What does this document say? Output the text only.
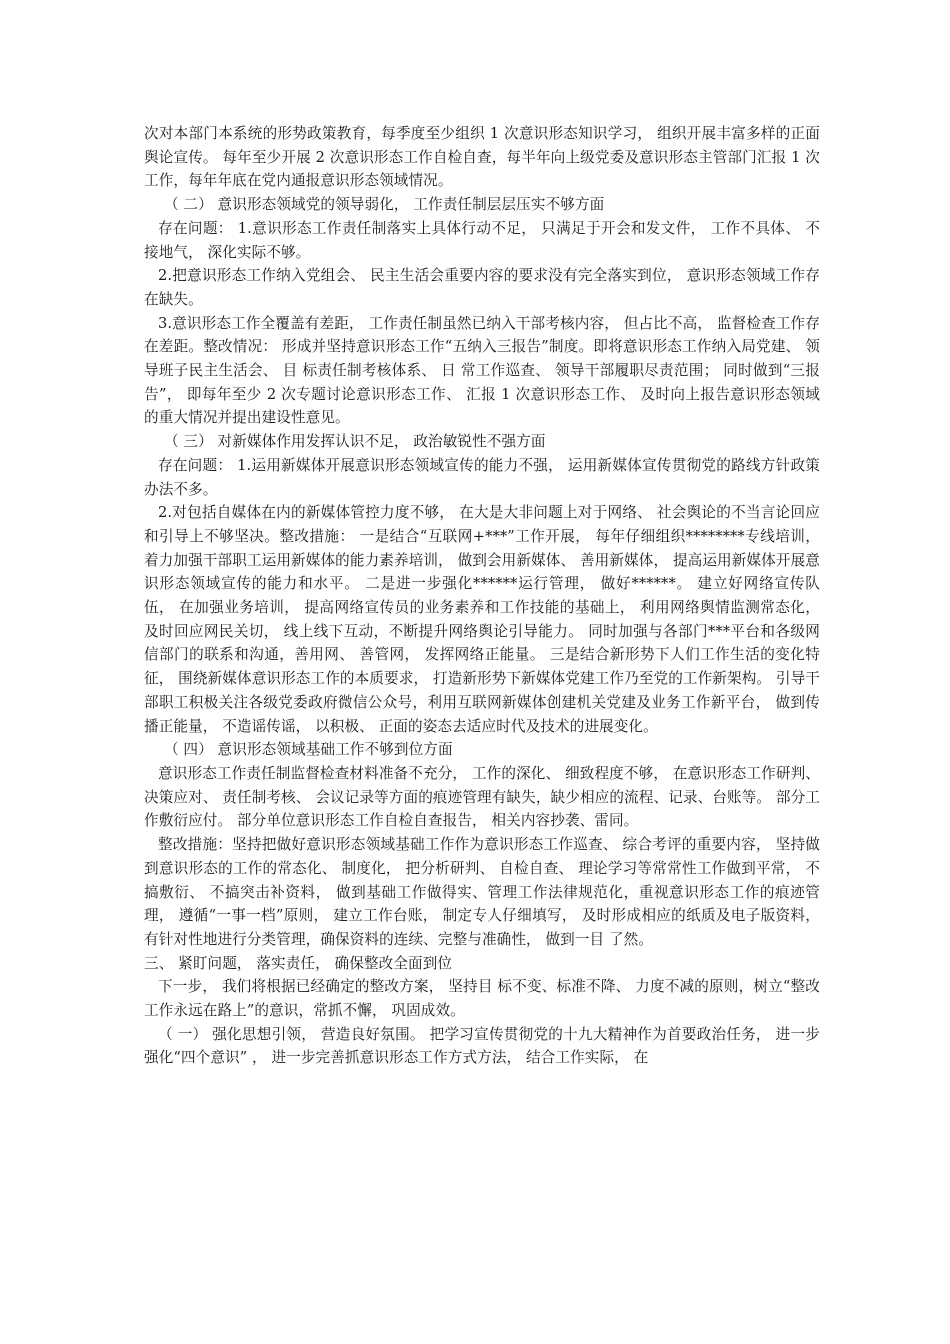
次对本部门本系统的形势政策教育，每季度至少组织 1 次意识形态知识学习， 组织开展丰富多样的正面舆论宣传。 每年至少开展 2 次意识形态工作自检自查，每半年向上级党委及意识形态主管部门汇报 1 次工作，每年年底在党内通报意识形态领域情况。

（ 二） 意识形态领域党的领导弱化， 工作责任制层层压实不够方面

存在问题： 1.意识形态工作责任制落实上具体行动不足， 只满足于开会和发文件， 工作不具体、 不接地气， 深化实际不够。

2.把意识形态工作纳入党组会、 民主生活会重要内容的要求没有完全落实到位， 意识形态领域工作存在缺失。

3.意识形态工作全覆盖有差距， 工作责任制虽然已纳入干部考核内容， 但占比不高， 监督检查工作存在差距。整改情况： 形成并坚持意识形态工作“五纳入三报告”制度。即将意识形态工作纳入局党建、 领导班子民主生活会、 目 标责任制考核体系、 日 常工作巡查、 领导干部履职尽责范围； 同时做到“三报告”， 即每年至少 2 次专题讨论意识形态工作、 汇报 1 次意识形态工作、 及时向上报告意识形态领域的重大情况并提出建设性意见。

（ 三） 对新媒体作用发挥认识不足， 政治敏锐性不强方面

存在问题： 1.运用新媒体开展意识形态领域宣传的能力不强， 运用新媒体宣传贯彻党的路线方针政策办法不多。

2.对包括自媒体在内的新媒体管控力度不够， 在大是大非问题上对于网络、 社会舆论的不当言论回应和引导上不够坚决。整改措施： 一是结合“互联网+***”工作开展， 每年仔细组织********专线培训，着力加强干部职工运用新媒体的能力素养培训， 做到会用新媒体、 善用新媒体， 提高运用新媒体开展意识形态领域宣传的能力和水平。 二是进一步强化******运行管理， 做好******。 建立好网络宣传队伍， 在加强业务培训， 提高网络宣传员的业务素养和工作技能的基础上， 利用网络舆情监测常态化， 及时回应网民关切， 线上线下互动，不断提升网络舆论引导能力。 同时加强与各部门***平台和各级网信部门的联系和沟通，善用网、 善管网， 发挥网络正能量。 三是结合新形势下人们工作生活的变化特征， 围绕新媒体意识形态工作的本质要求， 打造新形势下新媒体党建工作乃至党的工作新架构。 引导干部职工积极关注各级党委政府微信公众号，利用互联网新媒体创建机关党建及业务工作新平台， 做到传播正能量， 不造谣传谣， 以积极、 正面的姿态去适应时代及技术的进展变化。

（ 四） 意识形态领域基础工作不够到位方面

意识形态工作责任制监督检查材料准备不充分， 工作的深化、 细致程度不够， 在意识形态工作研判、 决策应对、 责任制考核、 会议记录等方面的痕迹管理有缺失，缺少相应的流程、记录、台账等。 部分工作敷衍应付。 部分单位意识形态工作自检自查报告， 相关内容抄袭、雷同。

整改措施：坚持把做好意识形态领域基础工作作为意识形态工作巡查、 综合考评的重要内容， 坚持做到意识形态的工作的常态化、 制度化， 把分析研判、 自检自查、 理论学习等常常性工作做到平常， 不搞敷衍、 不搞突击补资料， 做到基础工作做得实、管理工作法律规范化，重视意识形态工作的痕迹管理， 遵循“一事一档”原则， 建立工作台账， 制定专人仔细填写， 及时形成相应的纸质及电子版资料，有针对性地进行分类管理，确保资料的连续、完整与准确性， 做到一目 了然。

三、 紧盯问题， 落实责任， 确保整改全面到位

下一步， 我们将根据已经确定的整改方案， 坚持目 标不变、标准不降、 力度不减的原则，树立“整改工作永远在路上”的意识，常抓不懈， 巩固成效。

（ 一） 强化思想引领， 营造良好氛围。 把学习宣传贯彻党的十九大精神作为首要政治任务， 进一步强化“四个意识” ， 进一步完善抓意识形态工作方式方法， 结合工作实际， 在
